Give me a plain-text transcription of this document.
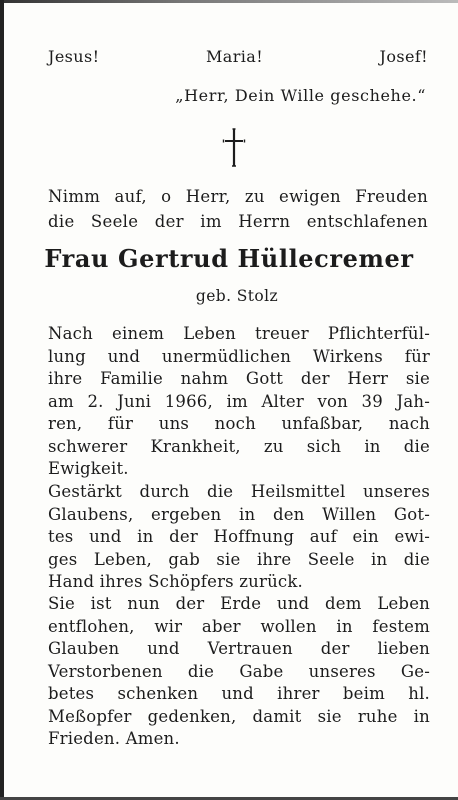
Jesus!	Maria!	Josef!
„Herr, Dein Wille geschehe.“
Nimm auf, o Herr, zu ewigen Freuden
die Seele der im Herrn entschlafenen
Frau Gertrud Hüllecremer
geb. Stolz
Nach einem Leben treuer Pflichterfül-
lung und unermüdlichen Wirkens für
ihre Familie nahm Gott der Herr sie
am 2. Juni 1966, im Alter von 39 Jah-
ren, für uns noch unfaßbar, nach
schwerer Krankheit, zu sich in die
Ewigkeit.
Gestärkt durch die Heilsmittel unseres
Glaubens, ergeben in den Willen Got-
tes und in der Hoffnung auf ein ewi-
ges Leben, gab sie ihre Seele in die
Hand ihres Schöpfers zurück.
Sie ist nun der Erde und dem Leben
entflohen, wir aber wollen in festem
Glauben und Vertrauen der lieben
Verstorbenen die Gabe unseres Ge-
betes schenken und ihrer beim hl.
Meßopfer gedenken, damit sie ruhe in
Frieden. Amen.
